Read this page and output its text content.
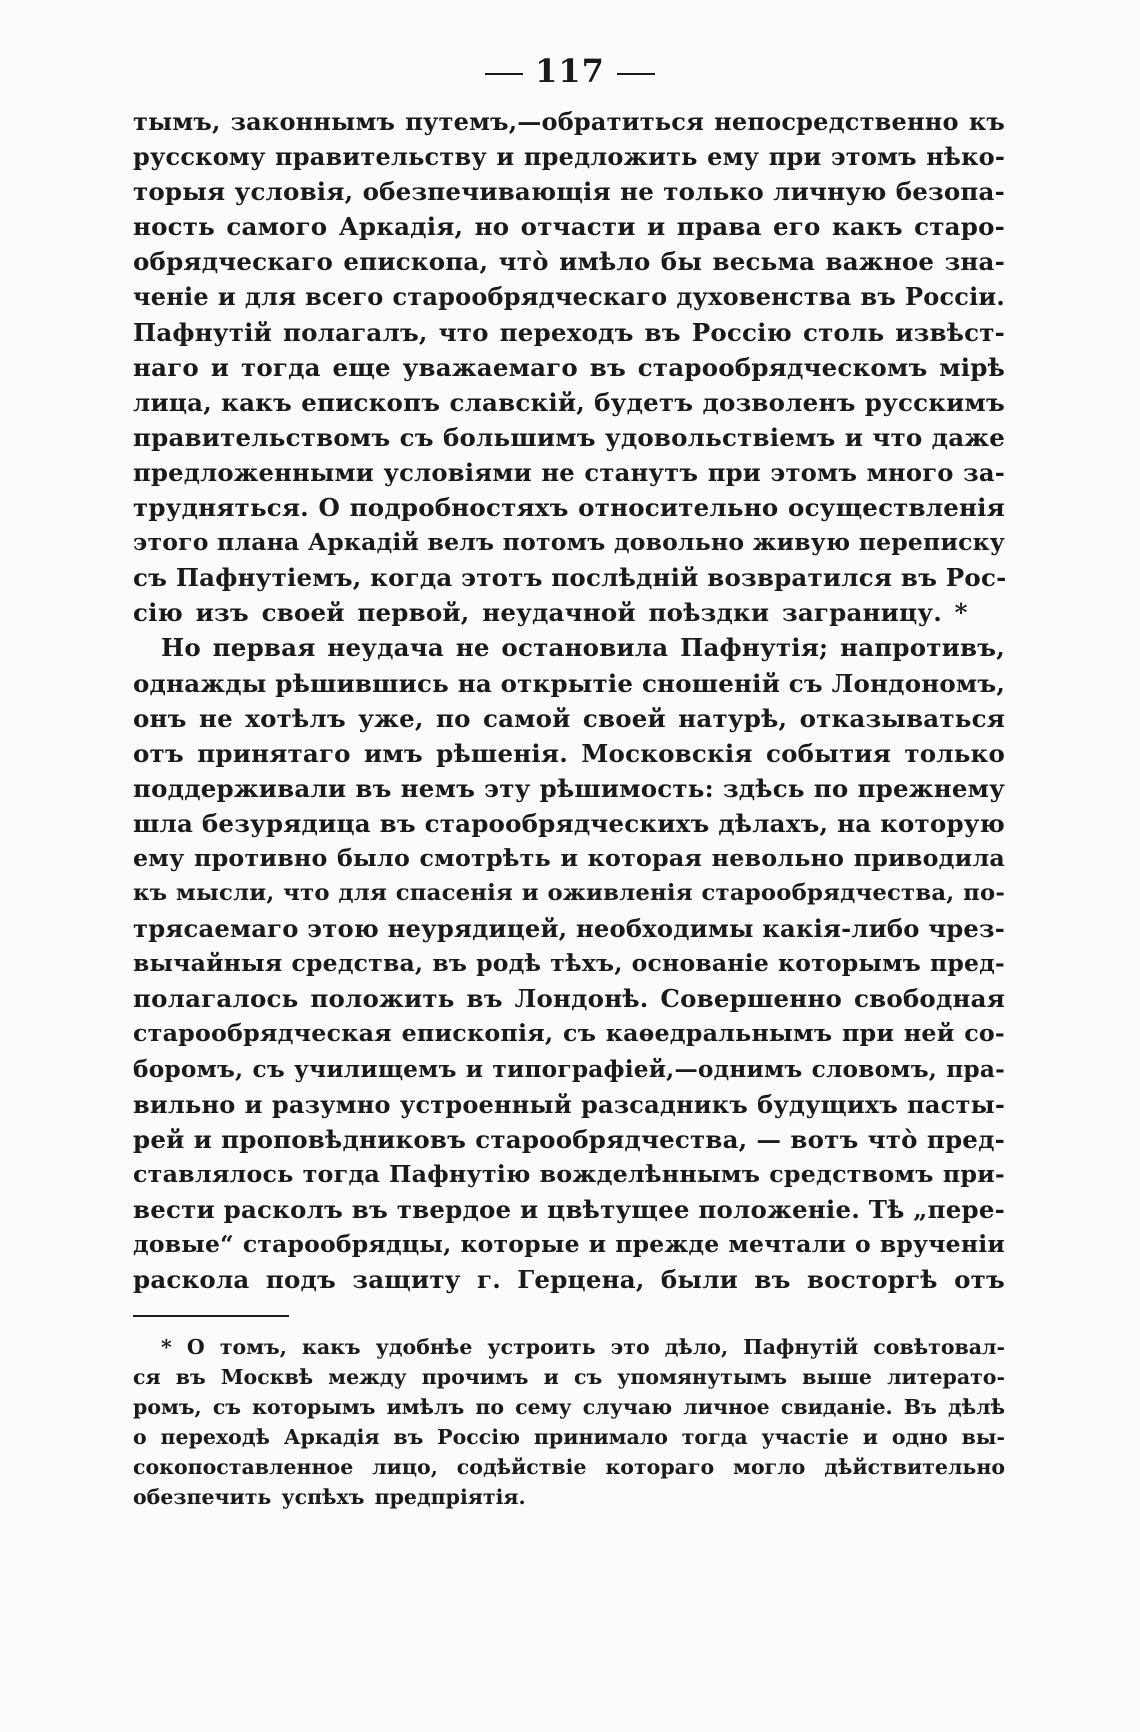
117
тымъ, законнымъ путемъ,—обратиться непосредственно къ
русскому правительству и предложить ему при этомъ нѣко-
торыя условія, обезпечивающія не только личную безопа-
ность самого Аркадія, но отчасти и права его какъ старо-
обрядческаго епископа, что̀ имѣло бы весьма важное зна-
ченіе и для всего старообрядческаго духовенства въ Россіи.
Пафнутій полагалъ, что переходъ въ Россію столь извѣст-
наго и тогда еще уважаемаго въ старообрядческомъ мірѣ
лица, какъ епископъ славскій, будетъ дозволенъ русскимъ
правительствомъ съ большимъ удовольствіемъ и что даже
предложенными условіями не станутъ при этомъ много за-
трудняться. О подробностяхъ относительно осуществленія
этого плана Аркадій велъ потомъ довольно живую переписку
съ Пафнутіемъ, когда этотъ послѣдній возвратился въ Рос-
сію изъ своей первой, неудачной поѣздки заграницу. *
Но первая неудача не остановила Пафнутія; напротивъ,
однажды рѣшившись на открытіе сношеній съ Лондономъ,
онъ не хотѣлъ уже, по самой своей натурѣ, отказываться
отъ принятаго имъ рѣшенія. Московскія события только
поддерживали въ немъ эту рѣшимость: здѣсь по прежнему
шла безурядица въ старообрядческихъ дѣлахъ, на которую
ему противно было смотрѣть и которая невольно приводила
къ мысли, что для спасенія и оживленія старообрядчества, по-
трясаемаго этою неурядицей, необходимы какія-либо чрез-
вычайныя средства, въ родѣ тѣхъ, основаніе которымъ пред-
полагалось положить въ Лондонѣ. Совершенно свободная
старообрядческая епископія, съ каѳедральнымъ при ней со-
боромъ, съ училищемъ и типографіей,—однимъ словомъ, пра-
вильно и разумно устроенный разсадникъ будущихъ пасты-
рей и проповѣдниковъ старообрядчества, — вотъ что̀ пред-
ставлялось тогда Пафнутію вожделѣннымъ средствомъ при-
вести расколъ въ твердое и цвѣтущее положеніе. Тѣ „пере-
довые“ старообрядцы, которые и прежде мечтали о врученіи
раскола подъ защиту г. Герцена, были въ восторгѣ отъ
* О томъ, какъ удобнѣе устроить это дѣло, Пафнутій совѣтовал-
ся въ Москвѣ между прочимъ и съ упомянутымъ выше литерато-
ромъ, съ которымъ имѣлъ по сему случаю личное свиданіе. Въ дѣлѣ
о переходѣ Аркадія въ Россію принимало тогда участіе и одно вы-
сокопоставленное лицо, содѣйствіе котораго могло дѣйствительно
обезпечить успѣхъ предпріятія.
